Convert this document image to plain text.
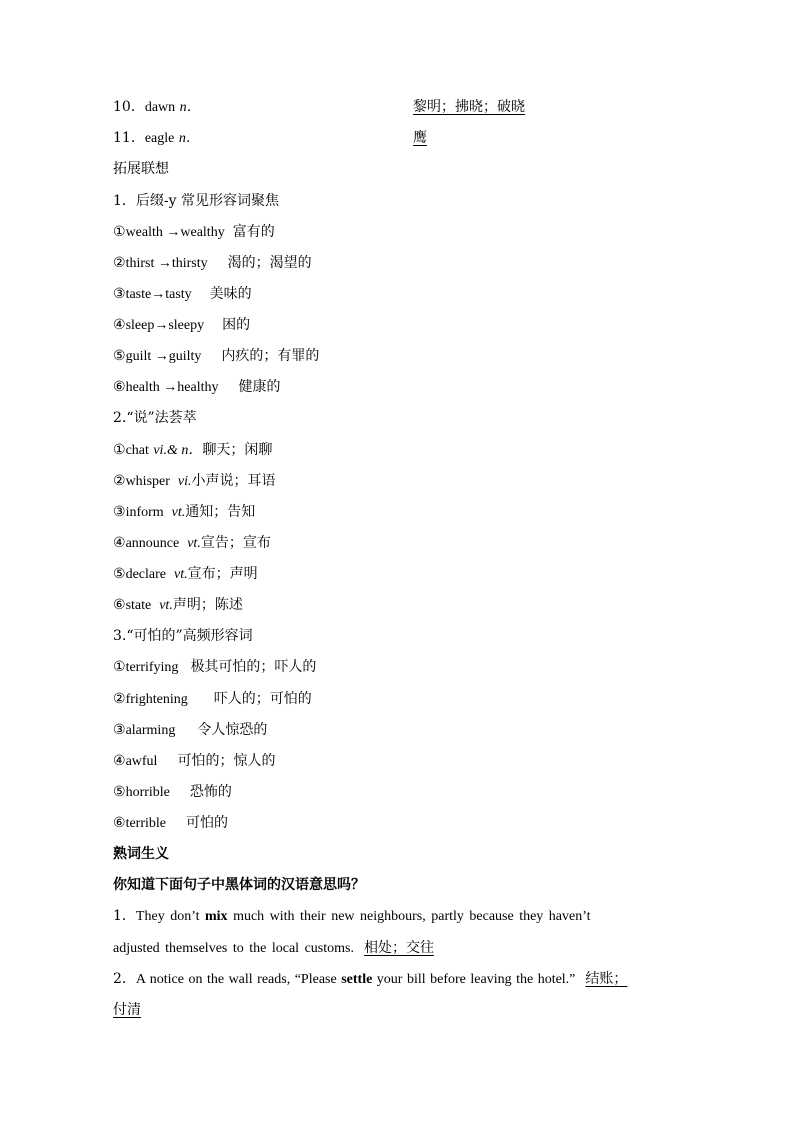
10．dawn n．	黎明；拂晓；破晓
11．eagle n．	鹰
拓展联想
1．后缀-y 常见形容词聚焦
①wealth →wealthy 富有的
②thirst →thirsty 渴的；渴望的
③taste→tasty 美味的
④sleep→sleepy 困的
⑤guilt →guilty 内疚的；有罪的
⑥health →healthy 健康的
2.“说”法荟萃
①chat vi.& n．聊天；闲聊
②whisper vi.小声说；耳语
③inform vt.通知；告知
④announce vt.宣告；宣布
⑤declare vt.宣布；声明
⑥state vt.声明；陈述
3.“可怕的”高频形容词
①terrifying 极其可怕的；吓人的
②frightening 吓人的；可怕的
③alarming 令人惊恐的
④awful 可怕的；惊人的
⑤horrible 恐怖的
⑥terrible 可怕的
熟词生义
你知道下面句子中黑体词的汉语意思吗？
1．They don’t mix much with their new neighbours, partly because they haven’t
adjusted themselves to the local customs. 相处；交往
2．A notice on the wall reads, “Please settle your bill before leaving the hotel.” 结账；
付清
